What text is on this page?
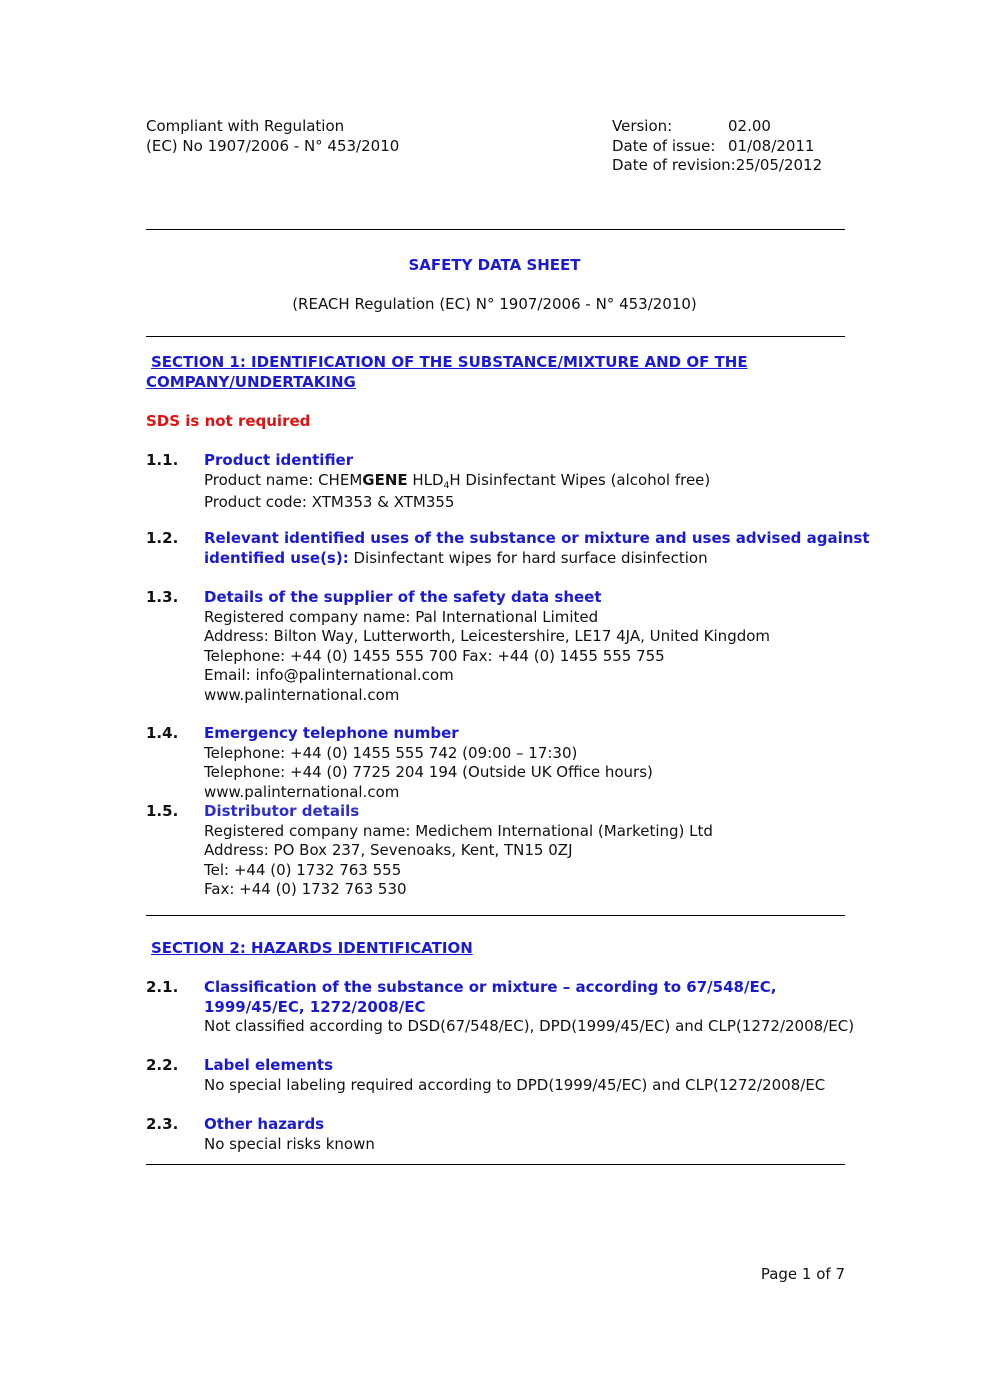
Compliant with Regulation
(EC) No 1907/2006 - N° 453/2010
Version:	02.00
Date of issue: 01/08/2011
Date of revision:25/05/2012
SAFETY DATA SHEET
(REACH Regulation (EC) N° 1907/2006 - N° 453/2010)
SECTION 1: IDENTIFICATION OF THE SUBSTANCE/MIXTURE AND OF THE
COMPANY/UNDERTAKING
SDS is not required
1.1. Product identifier
Product name: CHEMGENE $HLD_4H$ Disinfectant Wipes (alcohol free)
Product code: XTM353 & XTM355
1.2. Relevant identified uses of the substance or mixture and uses advised against
identified use(s): Disinfectant wipes for hard surface disinfection
1.3. Details of the supplier of the safety data sheet
Registered company name: Pal International Limited
Address: Bilton Way, Lutterworth, Leicestershire, LE17 4JA, United Kingdom
Telephone: +44 (0) 1455 555 700 Fax: +44 (0) 1455 555 755
Email: info@palinternational.com
www.palinternational.com
1.4. Emergency telephone number
Telephone: +44 (0) 1455 555 742 (09:00 – 17:30)
Telephone: +44 (0) 7725 204 194 (Outside UK Office hours)
www.palinternational.com
1.5. Distributor details
Registered company name: Medichem International (Marketing) Ltd
Address: PO Box 237, Sevenoaks, Kent, TN15 0ZJ
Tel: +44 (0) 1732 763 555
Fax: +44 (0) 1732 763 530
SECTION 2: HAZARDS IDENTIFICATION
2.1. Classification of the substance or mixture – according to 67/548/EC,
1999/45/EC, 1272/2008/EC
Not classified according to DSD(67/548/EC), DPD(1999/45/EC) and CLP(1272/2008/EC)
2.2. Label elements
No special labeling required according to DPD(1999/45/EC) and CLP(1272/2008/EC
2.3. Other hazards
No special risks known
Page 1 of 7
